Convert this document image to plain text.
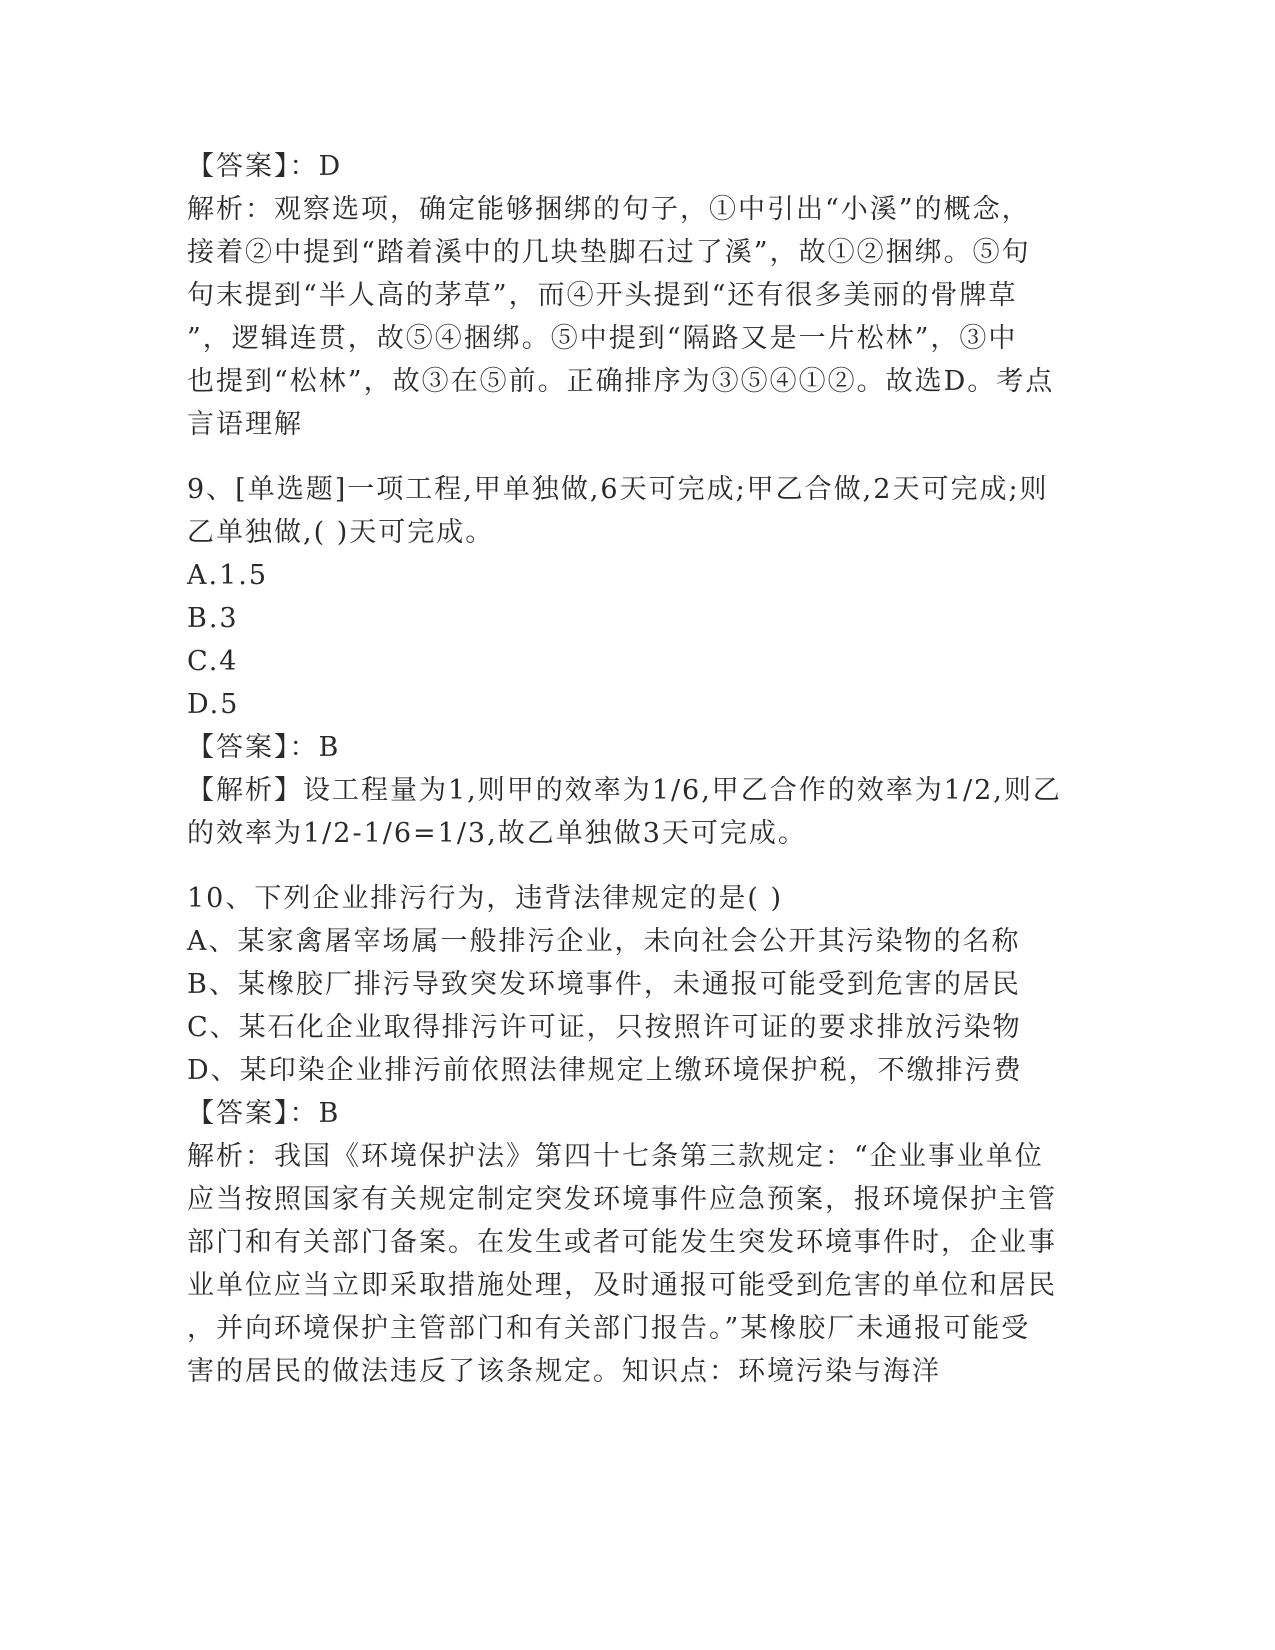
【答案】：D
解析：观察选项，确定能够捆绑的句子，①中引出“小溪”的概念，
接着②中提到“踏着溪中的几块垫脚石过了溪”，故①②捆绑。⑤句
句末提到“半人高的茅草”，而④开头提到“还有很多美丽的骨牌草
”，逻辑连贯，故⑤④捆绑。⑤中提到“隔路又是一片松林”，③中
也提到“松林”，故③在⑤前。正确排序为③⑤④①②。故选D。考点
言语理解
9、[单选题]一项工程,甲单独做,6天可完成;甲乙合做,2天可完成;则
乙单独做,( )天可完成。
A.1.5
B.3
C.4
D.5
【答案】：B
【解析】设工程量为1,则甲的效率为1/6,甲乙合作的效率为1/2,则乙
的效率为1/2-1/6=1/3,故乙单独做3天可完成。
10、下列企业排污行为，违背法律规定的是( )
A、某家禽屠宰场属一般排污企业，未向社会公开其污染物的名称
B、某橡胶厂排污导致突发环境事件，未通报可能受到危害的居民
C、某石化企业取得排污许可证，只按照许可证的要求排放污染物
D、某印染企业排污前依照法律规定上缴环境保护税，不缴排污费
【答案】：B
解析：我国《环境保护法》第四十七条第三款规定：“企业事业单位
应当按照国家有关规定制定突发环境事件应急预案，报环境保护主管
部门和有关部门备案。在发生或者可能发生突发环境事件时，企业事
业单位应当立即采取措施处理，及时通报可能受到危害的单位和居民
，并向环境保护主管部门和有关部门报告。”某橡胶厂未通报可能受
害的居民的做法违反了该条规定。知识点：环境污染与海洋
